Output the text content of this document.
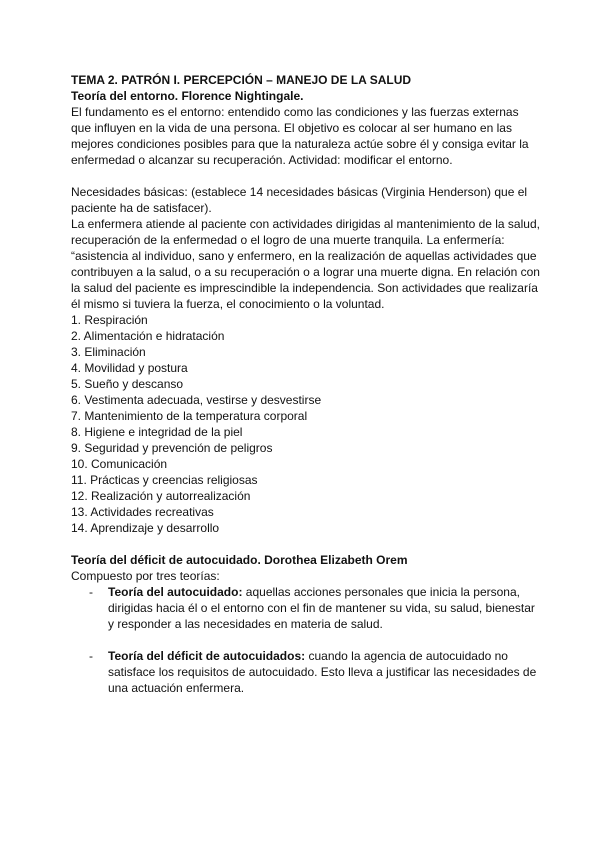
TEMA 2. PATRÓN I. PERCEPCIÓN – MANEJO DE LA SALUD

Teoría del entorno. Florence Nightingale.

El fundamento es el entorno: entendido como las condiciones y las fuerzas externas que influyen en la vida de una persona. El objetivo es colocar al ser humano en las mejores condiciones posibles para que la naturaleza actúe sobre él y consiga evitar la enfermedad o alcanzar su recuperación. Actividad: modificar el entorno.

Necesidades básicas: (establece 14 necesidades básicas (Virginia Henderson) que el paciente ha de satisfacer).

La enfermera atiende al paciente con actividades dirigidas al mantenimiento de la salud, recuperación de la enfermedad o el logro de una muerte tranquila. La enfermería: “asistencia al individuo, sano y enfermero, en la realización de aquellas actividades que contribuyen a la salud, o a su recuperación o a lograr una muerte digna. En relación con la salud del paciente es imprescindible la independencia. Son actividades que realizaría él mismo si tuviera la fuerza, el conocimiento o la voluntad.

1. Respiración
2. Alimentación e hidratación
3. Eliminación
4. Movilidad y postura
5. Sueño y descanso
6. Vestimenta adecuada, vestirse y desvestirse
7. Mantenimiento de la temperatura corporal
8. Higiene e integridad de la piel
9. Seguridad y prevención de peligros
10. Comunicación
11. Prácticas y creencias religiosas
12. Realización y autorrealización
13. Actividades recreativas
14. Aprendizaje y desarrollo

Teoría del déficit de autocuidado. Dorothea Elizabeth Orem

Compuesto por tres teorías:

-	Teoría del autocuidado: aquellas acciones personales que inicia la persona, dirigidas hacia él o el entorno con el fin de mantener su vida, su salud, bienestar y responder a las necesidades en materia de salud.
-	Teoría del déficit de autocuidados: cuando la agencia de autocuidado no satisface los requisitos de autocuidado. Esto lleva a justificar las necesidades de una actuación enfermera.
